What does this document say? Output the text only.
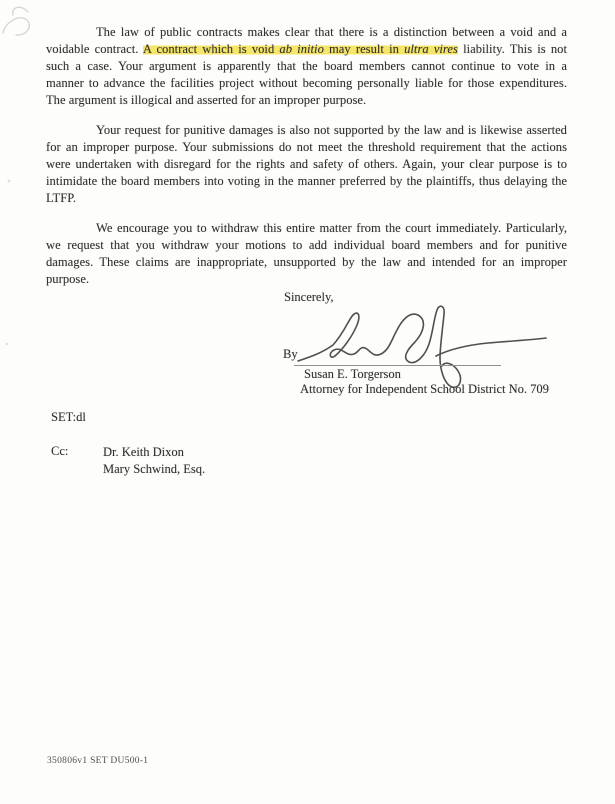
The law of public contracts makes clear that there is a distinction between a void and a
voidable contract. A contract which is void ab initio may result in ultra vires liability. This is not
such a case. Your argument is apparently that the board members cannot continue to vote in a
manner to advance the facilities project without becoming personally liable for those expenditures.
The argument is illogical and asserted for an improper purpose.
Your request for punitive damages is also not supported by the law and is likewise asserted
for an improper purpose. Your submissions do not meet the threshold requirement that the actions
were undertaken with disregard for the rights and safety of others. Again, your clear purpose is to
intimidate the board members into voting in the manner preferred by the plaintiffs, thus delaying the
LTFP.
We encourage you to withdraw this entire matter from the court immediately. Particularly,
we request that you withdraw your motions to add individual board members and for punitive
damages. These claims are inappropriate, unsupported by the law and intended for an improper
purpose.
Sincerely,
By
Susan E. Torgerson
Attorney for Independent School District No. 709
SET:dl
Cc:	Dr. Keith Dixon
Mary Schwind, Esq.
350806v1 SET DU500-1
